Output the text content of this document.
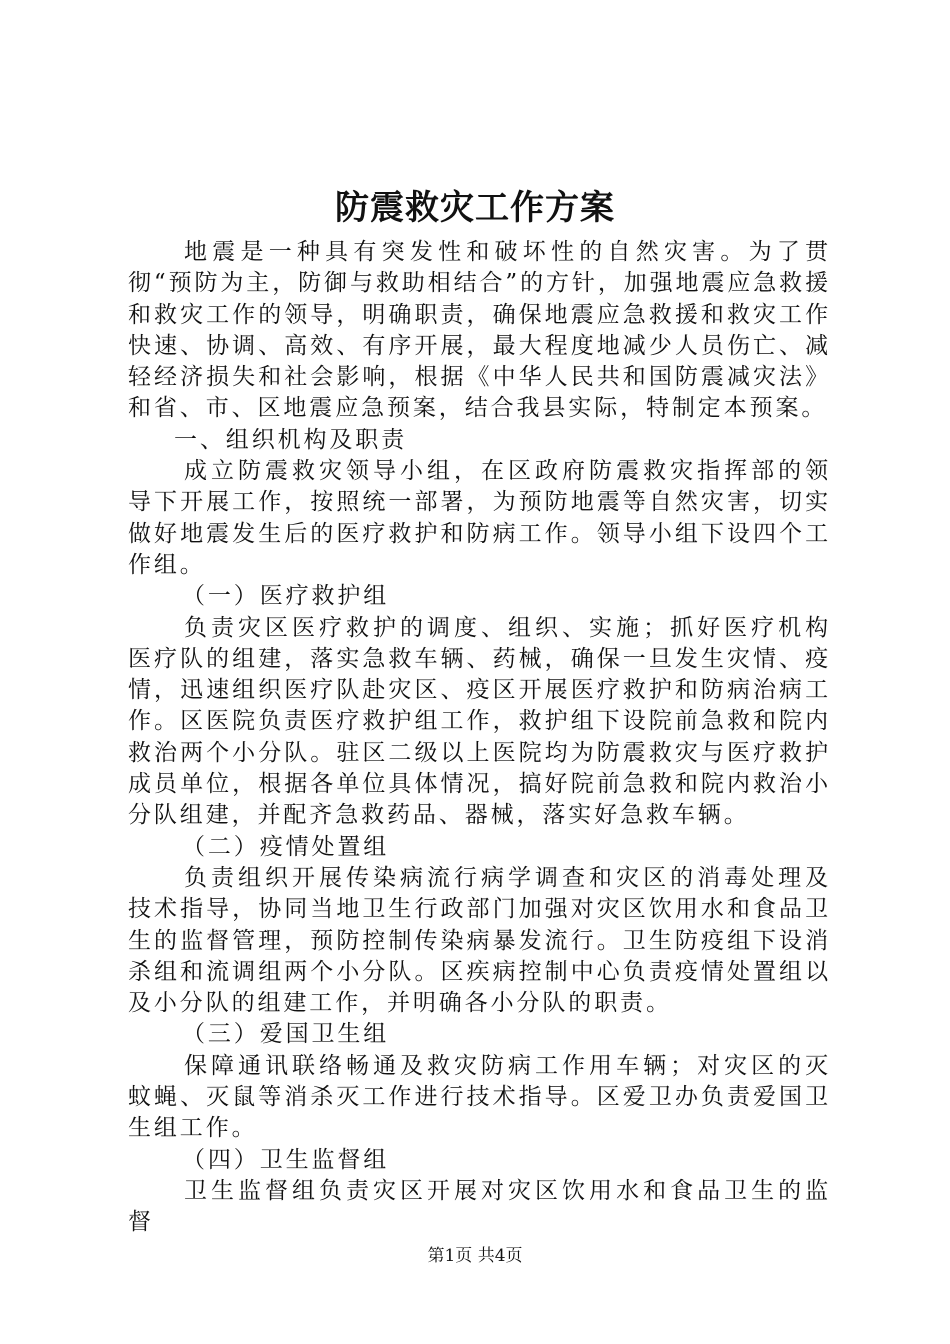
防震救灾工作方案

地震是一种具有突发性和破坏性的自然灾害。为了贯彻“预防为主，防御与救助相结合”的方针，加强地震应急救援和救灾工作的领导，明确职责，确保地震应急救援和救灾工作快速、协调、高效、有序开展，最大程度地减少人员伤亡、减轻经济损失和社会影响，根据《中华人民共和国防震减灾法》和省、市、区地震应急预案，结合我县实际，特制定本预案。

一、组织机构及职责

成立防震救灾领导小组，在区政府防震救灾指挥部的领导下开展工作，按照统一部署，为预防地震等自然灾害，切实做好地震发生后的医疗救护和防病工作。领导小组下设四个工作组。

（一）医疗救护组

负责灾区医疗救护的调度、组织、实施；抓好医疗机构医疗队的组建，落实急救车辆、药械，确保一旦发生灾情、疫情，迅速组织医疗队赴灾区、疫区开展医疗救护和防病治病工作。区医院负责医疗救护组工作，救护组下设院前急救和院内救治两个小分队。驻区二级以上医院均为防震救灾与医疗救护成员单位，根据各单位具体情况，搞好院前急救和院内救治小分队组建，并配齐急救药品、器械，落实好急救车辆。

（二）疫情处置组

负责组织开展传染病流行病学调查和灾区的消毒处理及技术指导，协同当地卫生行政部门加强对灾区饮用水和食品卫生的监督管理，预防控制传染病暴发流行。卫生防疫组下设消杀组和流调组两个小分队。区疾病控制中心负责疫情处置组以及小分队的组建工作，并明确各小分队的职责。

（三）爱国卫生组

保障通讯联络畅通及救灾防病工作用车辆；对灾区的灭蚊蝇、灭鼠等消杀灭工作进行技术指导。区爱卫办负责爱国卫生组工作。

（四）卫生监督组

卫生监督组负责灾区开展对灾区饮用水和食品卫生的监督

第1页 共4页
